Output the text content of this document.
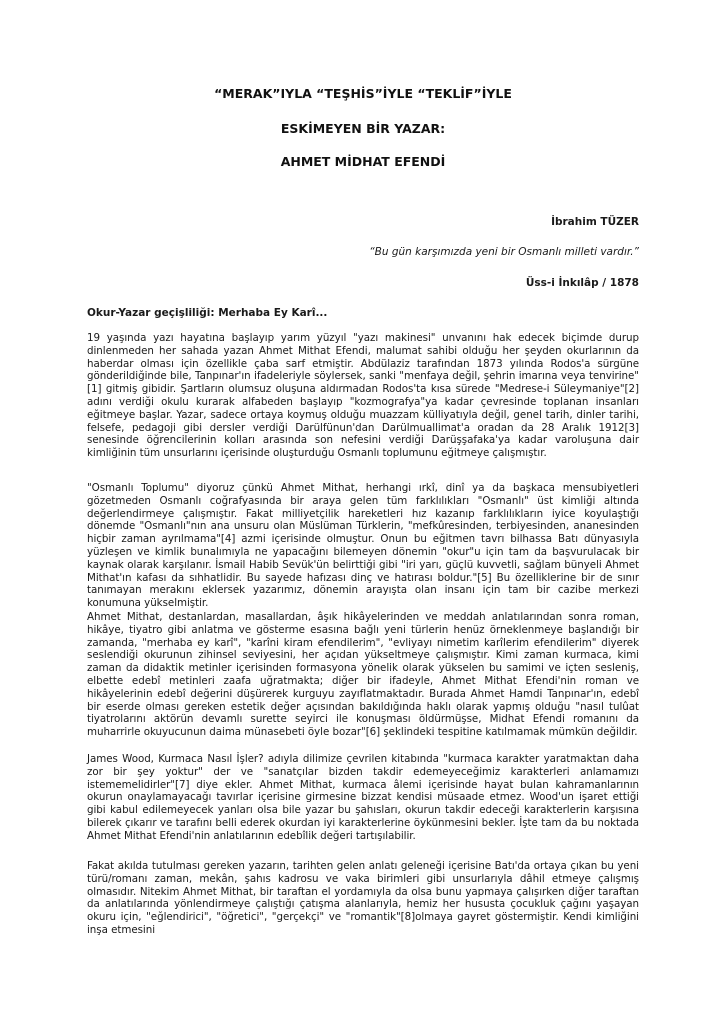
“MERAK”IYLA “TEŞHİS”İYLE “TEKLİF”İYLE
ESKİMEYEN BİR YAZAR:
AHMET MİDHAT EFENDİ
İbrahim TÜZER
“Bu gün karşımızda yeni bir Osmanlı milleti vardır.”
Üss-i İnkılâp / 1878
Okur-Yazar geçişliliği: Merhaba Ey Karî...

19 yaşında yazı hayatına başlayıp yarım yüzyıl "yazı makinesi" unvanını hak edecek biçimde durup dinlenmeden her sahada yazan Ahmet Mithat Efendi, malumat sahibi olduğu her şeyden okurlarının da haberdar olması için özellikle çaba sarf etmiştir. Abdülaziz tarafından 1873 yılında Rodos'a sürgüne gönderildiğinde bile, Tanpınar'ın ifadeleriyle söylersek, sanki "menfaya değil, şehrin imarına veya tenvirine"[1] gitmiş gibidir. Şartların olumsuz oluşuna aldırmadan Rodos'ta kısa sürede "Medrese-i Süleymaniye"[2] adını verdiği okulu kurarak alfabeden başlayıp "kozmografya"ya kadar çevresinde toplanan insanları eğitmeye başlar. Yazar, sadece ortaya koymuş olduğu muazzam külliyatıyla değil, genel tarih, dinler tarihi, felsefe, pedagoji gibi dersler verdiği Darülfünun'dan Darülmuallimat'a oradan da 28 Aralık 1912[3] senesinde öğrencilerinin kolları arasında son nefesini verdiği Darüşşafaka'ya kadar varoluşuna dair kimliğinin tüm unsurlarını içerisinde oluşturduğu Osmanlı toplumunu eğitmeye çalışmıştır.

"Osmanlı Toplumu" diyoruz çünkü Ahmet Mithat, herhangi ırkî, dinî ya da başkaca mensubiyetleri gözetmeden Osmanlı coğrafyasında bir araya gelen tüm farklılıkları "Osmanlı" üst kimliği altında değerlendirmeye çalışmıştır. Fakat milliyetçilik hareketleri hız kazanıp farklılıkların iyice koyulaştığı dönemde "Osmanlı"nın ana unsuru olan Müslüman Türklerin, "mefkûresinden, terbiyesinden, ananesinden hiçbir zaman ayrılmama"[4] azmi içerisinde olmuştur. Onun bu eğitmen tavrı bilhassa Batı dünyasıyla yüzleşen ve kimlik bunalımıyla ne yapacağını bilemeyen dönemin "okur"u için tam da başvurulacak bir kaynak olarak karşılanır. İsmail Habib Sevük'ün belirttiği gibi "iri yarı, güçlü kuvvetli, sağlam bünyeli Ahmet Mithat'ın kafası da sıhhatlidir. Bu sayede hafızası dinç ve hatırası boldur."[5] Bu özelliklerine bir de sınır tanımayan merakını eklersek yazarımız, dönemin arayışta olan insanı için tam bir cazibe merkezi konumuna yükselmiştir.

Ahmet Mithat, destanlardan, masallardan, âşık hikâyelerinden ve meddah anlatılarından sonra roman, hikâye, tiyatro gibi anlatma ve gösterme esasına bağlı yeni türlerin henüz örneklenmeye başlandığı bir zamanda, "merhaba ey karî", "karîni kiram efendilerim", "evliyayı nimetim karîlerim efendilerim" diyerek seslendiği okurunun zihinsel seviyesini, her açıdan yükseltmeye çalışmıştır. Kimi zaman kurmaca, kimi zaman da didaktik metinler içerisinden formasyona yönelik olarak yükselen bu samimi ve içten sesleniş, elbette edebî metinleri zaafa uğratmakta; diğer bir ifadeyle, Ahmet Mithat Efendi'nin roman ve hikâyelerinin edebî değerini düşürerek kurguyu zayıflatmaktadır. Burada Ahmet Hamdi Tanpınar'ın, edebî bir eserde olması gereken estetik değer açısından bakıldığında haklı olarak yapmış olduğu "nasıl tulûat tiyatrolarını aktörün devamlı surette seyirci ile konuşması öldürmüşse, Midhat Efendi romanını da muharrirle okuyucunun daima münasebeti öyle bozar"[6] şeklindeki tespitine katılmamak mümkün değildir.

James Wood, Kurmaca Nasıl İşler? adıyla dilimize çevrilen kitabında "kurmaca karakter yaratmaktan daha zor bir şey yoktur" der ve "sanatçılar bizden takdir edemeyeceğimiz karakterleri anlamamızı istememelidirler"[7] diye ekler. Ahmet Mithat, kurmaca âlemi içerisinde hayat bulan kahramanlarının okurun onaylamayacağı tavırlar içerisine girmesine bizzat kendisi müsaade etmez. Wood'un işaret ettiği gibi kabul edilemeyecek yanları olsa bile yazar bu şahısları, okurun takdir edeceği karakterlerin karşısına bilerek çıkarır ve tarafını belli ederek okurdan iyi karakterlerine öykünmesini bekler. İşte tam da bu noktada Ahmet Mithat Efendi'nin anlatılarının edebîlik değeri tartışılabilir.

Fakat akılda tutulması gereken yazarın, tarihten gelen anlatı geleneği içerisine Batı'da ortaya çıkan bu yeni türü/romanı zaman, mekân, şahıs kadrosu ve vaka birimleri gibi unsurlarıyla dâhil etmeye çalışmış olmasıdır. Nitekim Ahmet Mithat, bir taraftan el yordamıyla da olsa bunu yapmaya çalışırken diğer taraftan da anlatılarında yönlendirmeye çalıştığı çatışma alanlarıyla, hemiz her hususta çocukluk çağını yaşayan okuru için, "eğlendirici", "öğretici", "gerçekçi" ve "romantik"[8]olmaya gayret göstermiştir. Kendi kimliğini inşa etmesini
